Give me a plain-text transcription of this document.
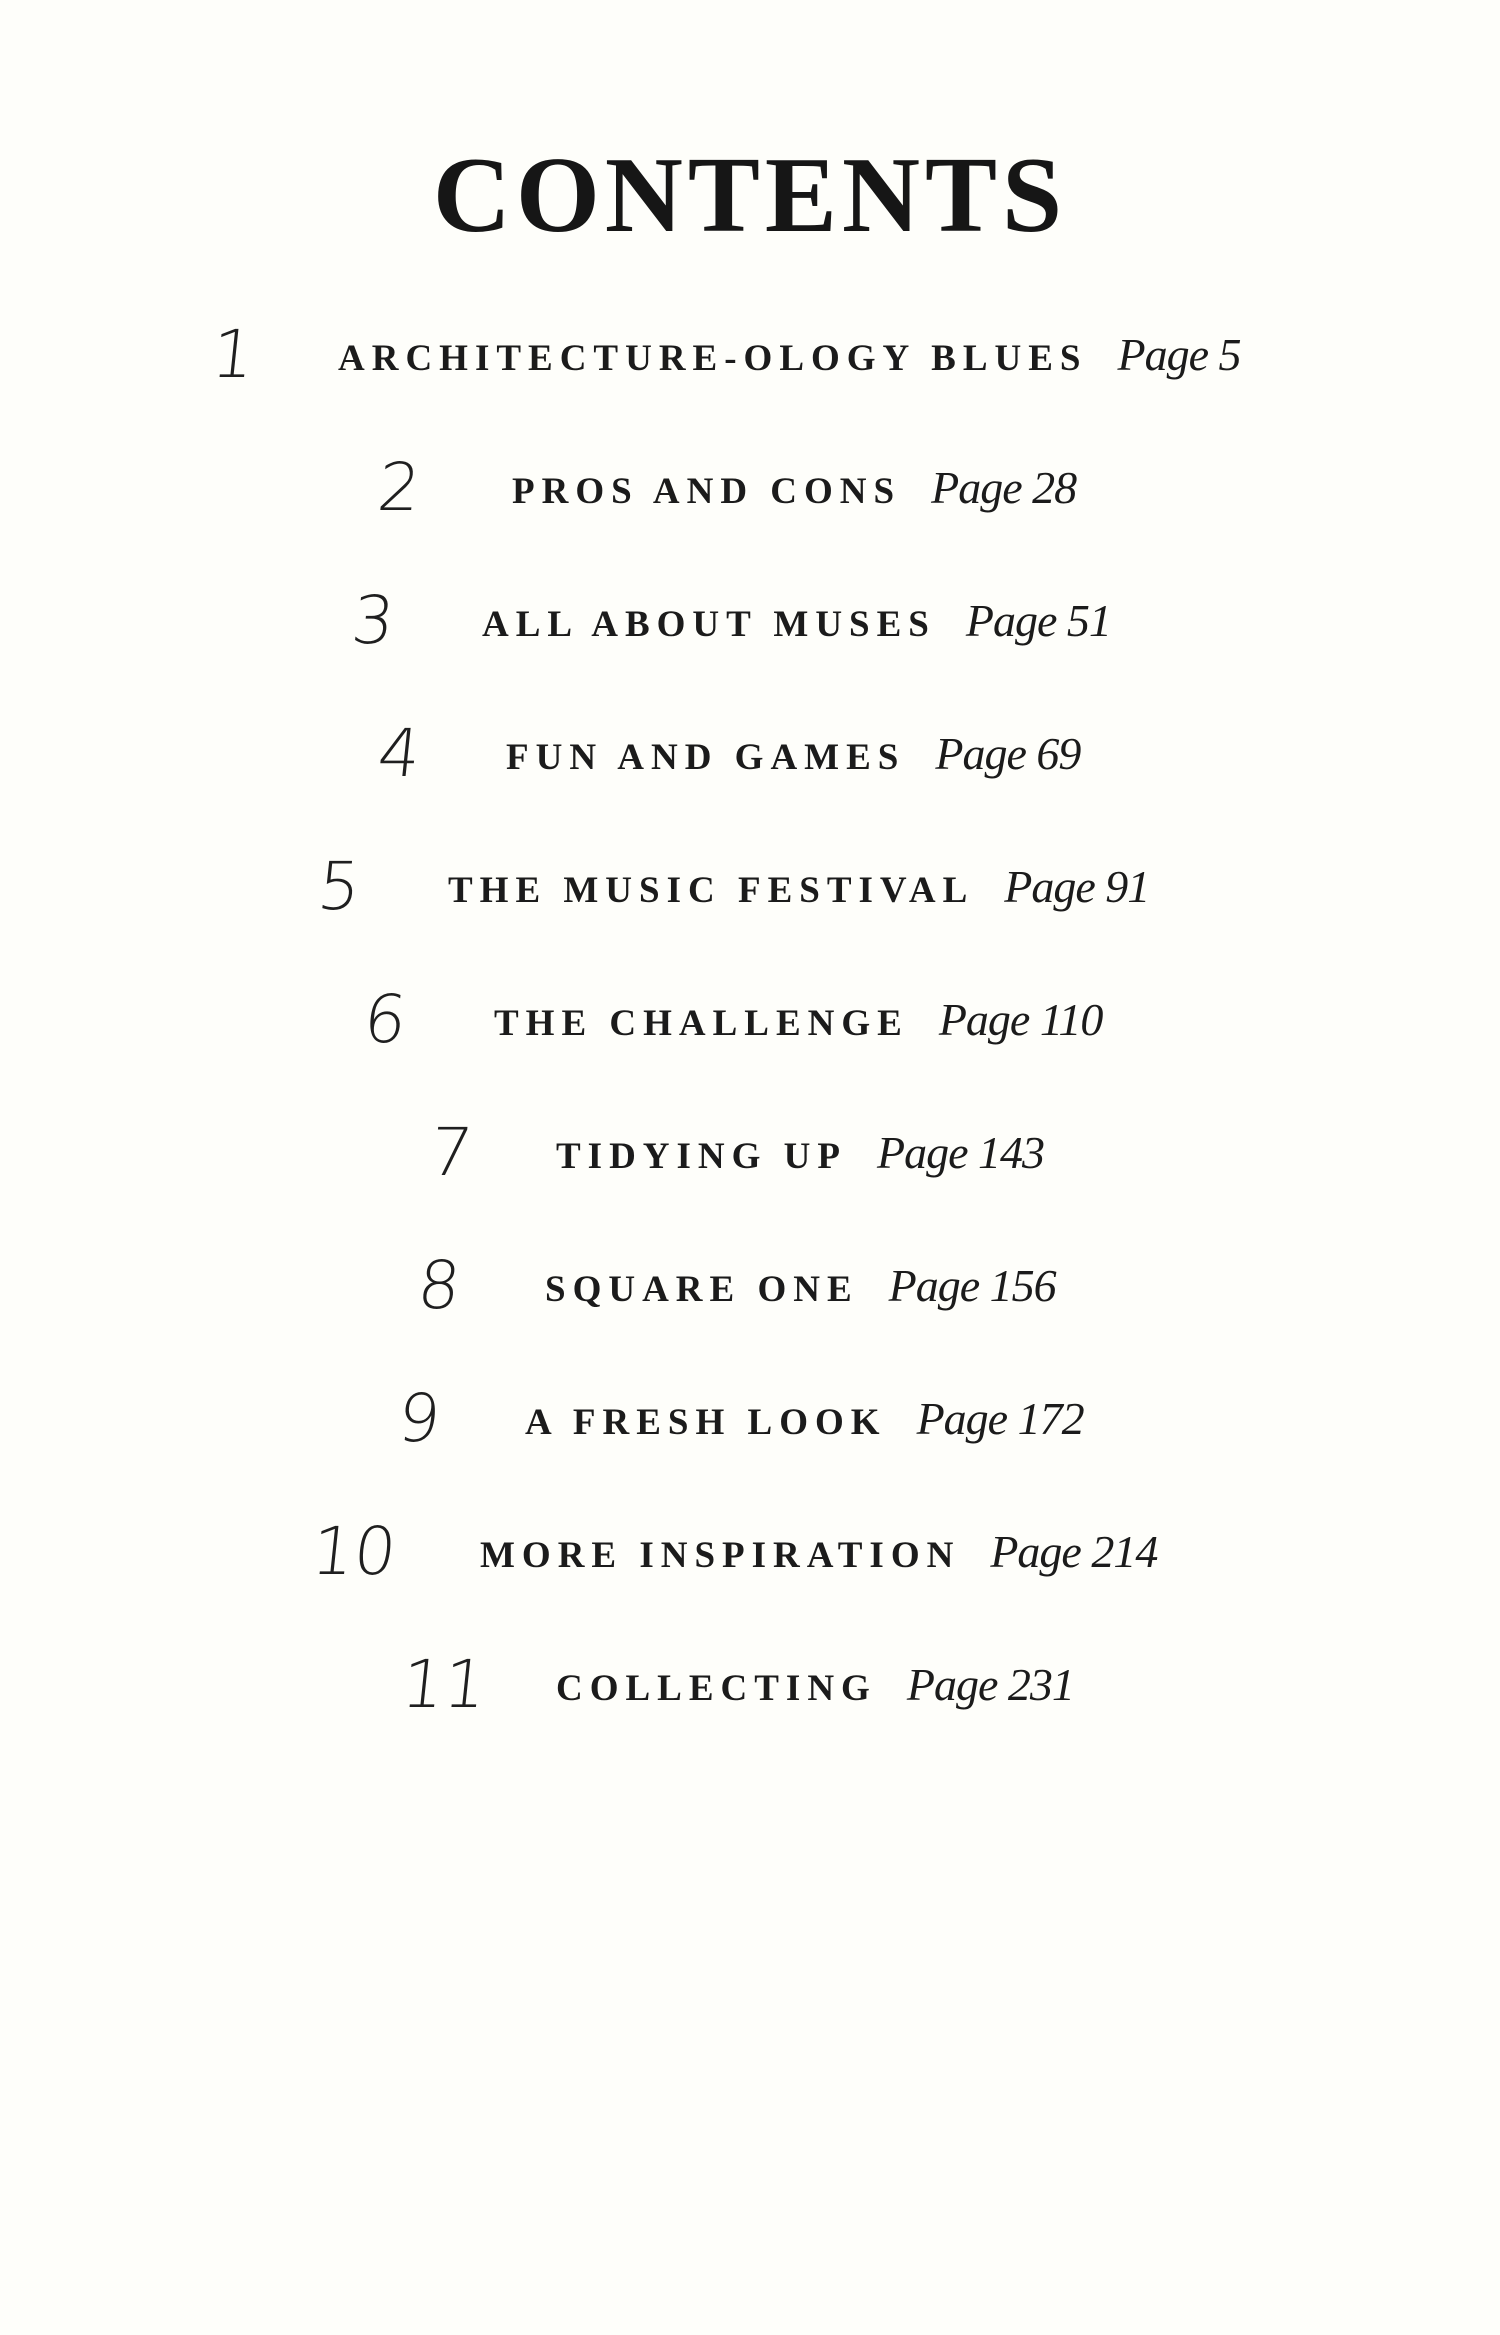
CONTENTS
1 ARCHITECTURE-OLOGY BLUES Page 5
2 PROS AND CONS Page 28
3 ALL ABOUT MUSES Page 51
4 FUN AND GAMES Page 69
5 THE MUSIC FESTIVAL Page 91
6 THE CHALLENGE Page 110
7 TIDYING UP Page 143
8 SQUARE ONE Page 156
9 A FRESH LOOK Page 172
10 MORE INSPIRATION Page 214
11 COLLECTING Page 231
